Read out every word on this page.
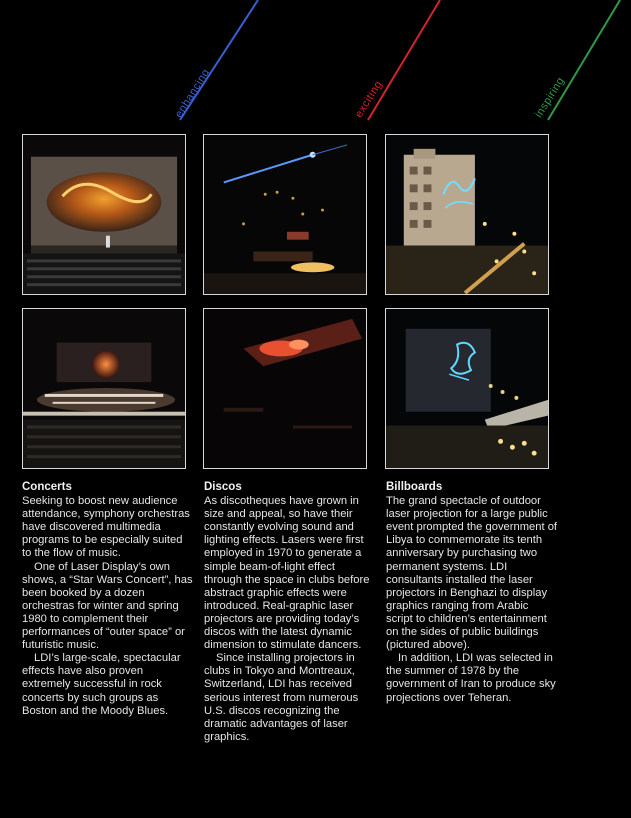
enhancing	exciting	inspiring
Concerts

Seeking to boost new audience attendance, symphony orchestras have discovered multimedia programs to be especially suited to the flow of music.

One of Laser Display’s own shows, a “Star Wars Concert”, has been booked by a dozen orchestras for winter and spring 1980 to complement their performances of “outer space” or futuristic music.

LDI’s large-scale, spectacular effects have also proven extremely successful in rock concerts by such groups as Boston and the Moody Blues.

Discos

As discotheques have grown in size and appeal, so have their constantly evolving sound and lighting effects. Lasers were first employed in 1970 to generate a simple beam-of-light effect through the space in clubs before abstract graphic effects were introduced. Real-graphic laser projectors are providing today’s discos with the latest dynamic dimension to stimulate dancers.

Since installing projectors in clubs in Tokyo and Montreaux, Switzerland, LDI has received serious interest from numerous U.S. discos recognizing the dramatic advantages of laser graphics.

Billboards

The grand spectacle of outdoor laser projection for a large public event prompted the government of Libya to commemorate its tenth anniversary by purchasing two permanent systems. LDI consultants installed the laser projectors in Benghazi to display graphics ranging from Arabic script to children’s entertainment on the sides of public buildings (pictured above).

In addition, LDI was selected in the summer of 1978 by the government of Iran to produce sky projections over Teheran.
